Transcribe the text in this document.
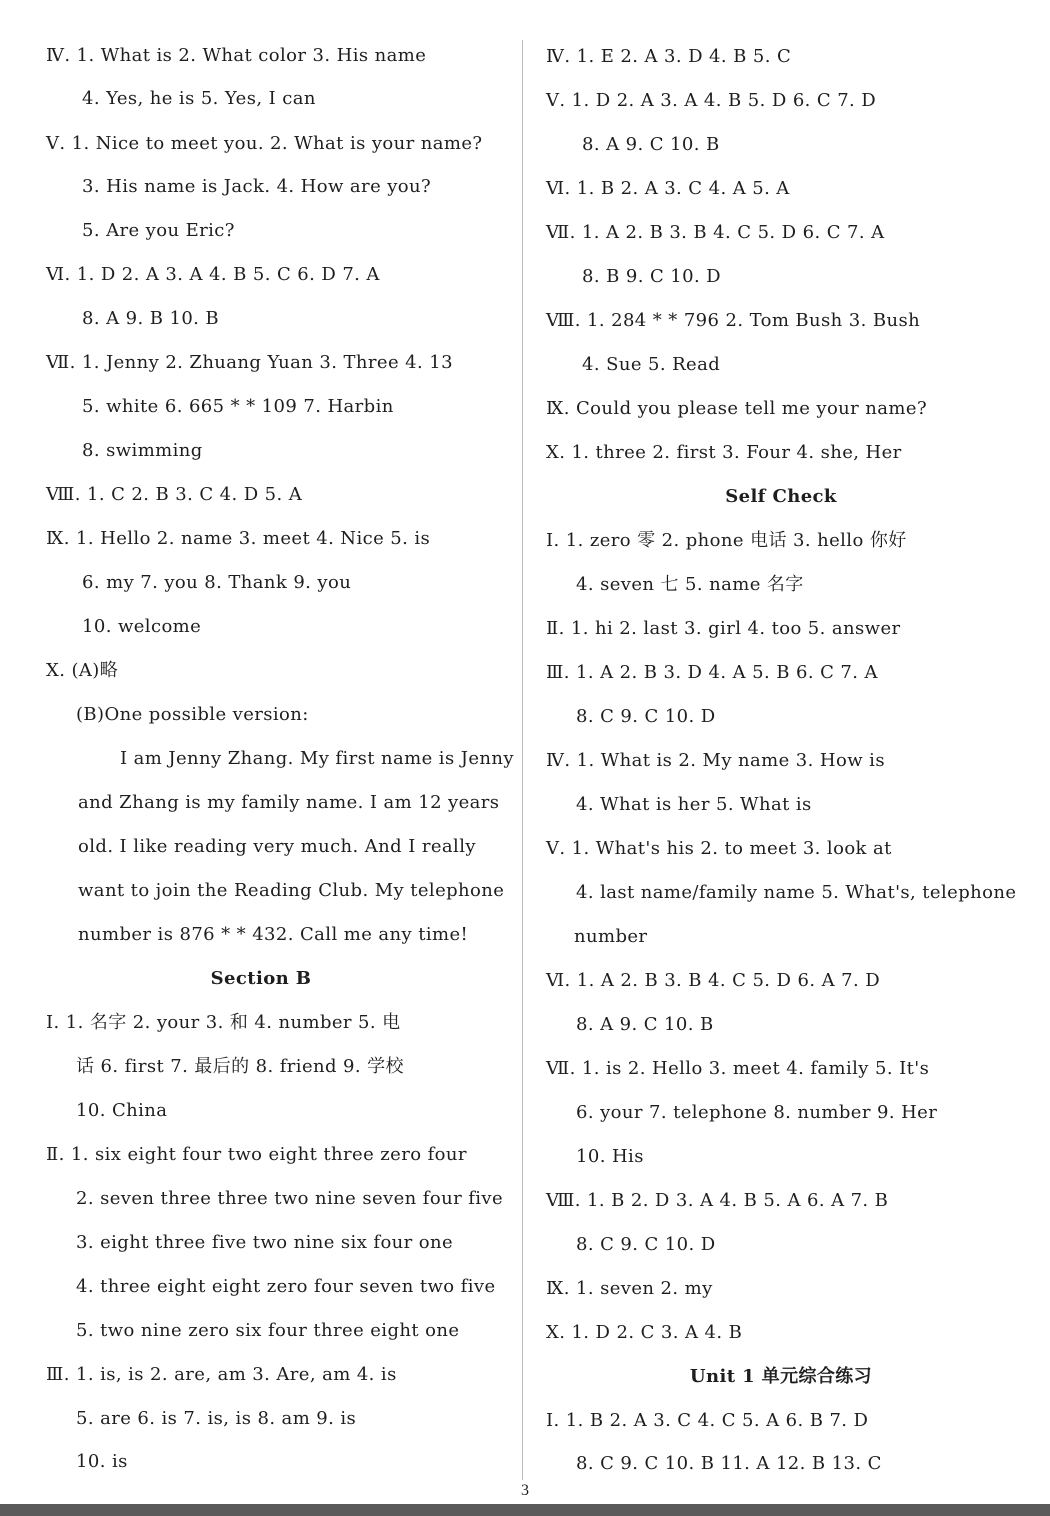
Ⅳ. 1. What is 2. What color 3. His name
4. Yes, he is 5. Yes, I can
Ⅴ. 1. Nice to meet you. 2. What is your name?
3. His name is Jack. 4. How are you?
5. Are you Eric?
Ⅵ. 1. D 2. A 3. A 4. B 5. C 6. D 7. A
8. A 9. B 10. B
Ⅶ. 1. Jenny 2. Zhuang Yuan 3. Three 4. 13
5. white 6. 665 * * 109 7. Harbin
8. swimming
Ⅷ. 1. C 2. B 3. C 4. D 5. A
Ⅸ. 1. Hello 2. name 3. meet 4. Nice 5. is
6. my 7. you 8. Thank 9. you
10. welcome
Ⅹ. (A)略
(B)One possible version:
I am Jenny Zhang. My first name is Jenny
and Zhang is my family name. I am 12 years
old. I like reading very much. And I really
want to join the Reading Club. My telephone
number is 876 * * 432. Call me any time!
Section B
Ⅰ. 1. 名字 2. your 3. 和 4. number 5. 电
话 6. first 7. 最后的 8. friend 9. 学校
10. China
Ⅱ. 1. six eight four two eight three zero four
2. seven three three two nine seven four five
3. eight three five two nine six four one
4. three eight eight zero four seven two five
5. two nine zero six four three eight one
Ⅲ. 1. is, is 2. are, am 3. Are, am 4. is
5. are 6. is 7. is, is 8. am 9. is
10. is
Ⅳ. 1. E 2. A 3. D 4. B 5. C
Ⅴ. 1. D 2. A 3. A 4. B 5. D 6. C 7. D
8. A 9. C 10. B
Ⅵ. 1. B 2. A 3. C 4. A 5. A
Ⅶ. 1. A 2. B 3. B 4. C 5. D 6. C 7. A
8. B 9. C 10. D
Ⅷ. 1. 284 * * 796 2. Tom Bush 3. Bush
4. Sue 5. Read
Ⅸ. Could you please tell me your name?
Ⅹ. 1. three 2. first 3. Four 4. she, Her
Self Check
Ⅰ. 1. zero 零 2. phone 电话 3. hello 你好
4. seven 七 5. name 名字
Ⅱ. 1. hi 2. last 3. girl 4. too 5. answer
Ⅲ. 1. A 2. B 3. D 4. A 5. B 6. C 7. A
8. C 9. C 10. D
Ⅳ. 1. What is 2. My name 3. How is
4. What is her 5. What is
Ⅴ. 1. What's his 2. to meet 3. look at
4. last name/family name 5. What's, telephone
number
Ⅵ. 1. A 2. B 3. B 4. C 5. D 6. A 7. D
8. A 9. C 10. B
Ⅶ. 1. is 2. Hello 3. meet 4. family 5. It's
6. your 7. telephone 8. number 9. Her
10. His
Ⅷ. 1. B 2. D 3. A 4. B 5. A 6. A 7. B
8. C 9. C 10. D
Ⅸ. 1. seven 2. my
Ⅹ. 1. D 2. C 3. A 4. B
Unit 1 单元综合练习
Ⅰ. 1. B 2. A 3. C 4. C 5. A 6. B 7. D
8. C 9. C 10. B 11. A 12. B 13. C
3
